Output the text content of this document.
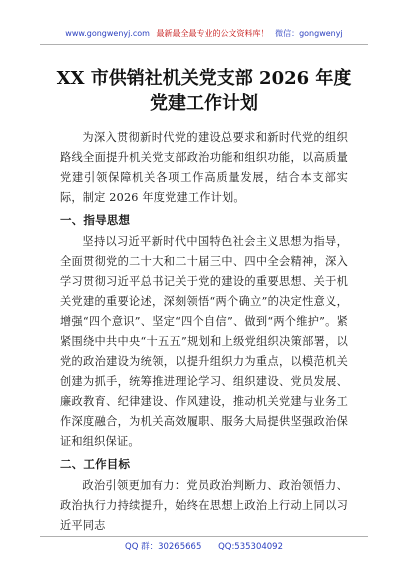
www.gongwenyj.com 最新最全最专业的公文资料库！ 微信：gongwenyj
XX 市供销社机关党支部 2026 年度党建工作计划

为深入贯彻新时代党的建设总要求和新时代党的组织路线全面提升机关党支部政治功能和组织功能，以高质量党建引领保障机关各项工作高质量发展，结合本支部实际，制定 2026 年度党建工作计划。

一、指导思想

坚持以习近平新时代中国特色社会主义思想为指导，全面贯彻党的二十大和二十届三中、四中全会精神，深入学习贯彻习近平总书记关于党的建设的重要思想、关于机关党建的重要论述，深刻领悟“两个确立”的决定性意义，增强“四个意识”、坚定“四个自信”、做到“两个维护”。紧紧围绕中共中央“十五五”规划和上级党组织决策部署，以党的政治建设为统领，以提升组织力为重点，以模范机关创建为抓手，统筹推进理论学习、组织建设、党员发展、廉政教育、纪律建设、作风建设，推动机关党建与业务工作深度融合，为机关高效履职、服务大局提供坚强政治保证和组织保证。

二、工作目标

政治引领更加有力：党员政治判断力、政治领悟力、政治执行力持续提升，始终在思想上政治上行动上同以习近平同志

QQ 群：30265665 QQ:535304092
